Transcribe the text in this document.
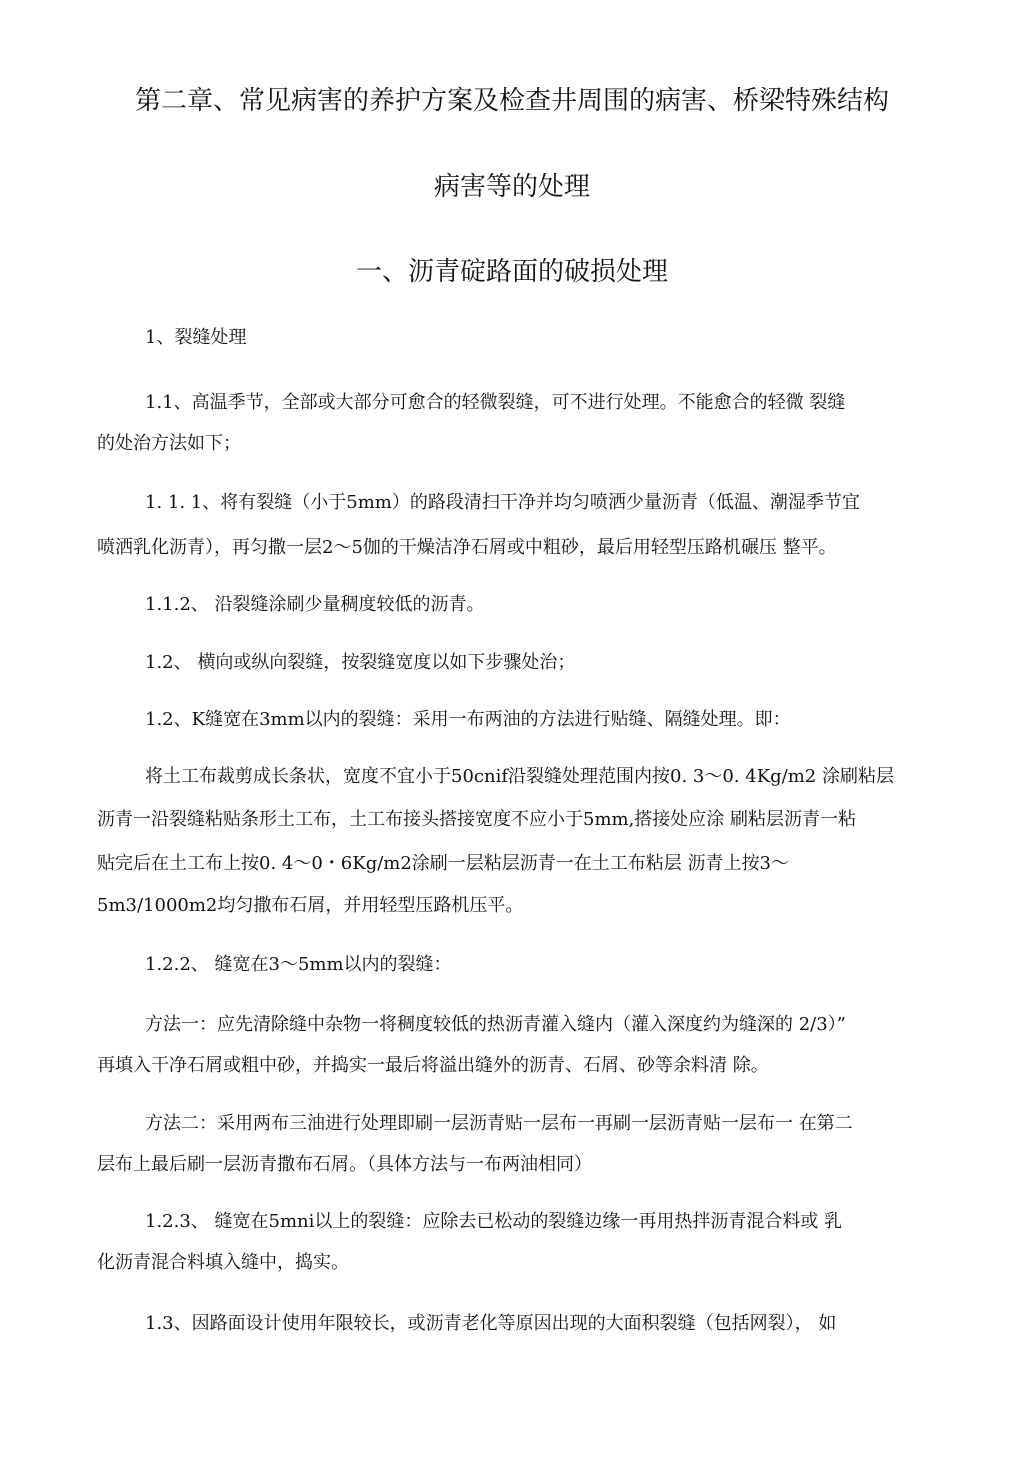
第二章、常见病害的养护方案及检查井周围的病害、桥梁特殊结构
病害等的处理
一、沥青碇路面的破损处理
1、裂缝处理
1.1、高温季节，全部或大部分可愈合的轻微裂缝，可不进行处理。不能愈合的轻微 裂缝
的处治方法如下；
1. 1. 1、将有裂缝（小于5mm）的路段清扫干净并均匀喷洒少量沥青（低温、潮湿季节宜
喷洒乳化沥青），再匀撒一层2～5伽的干燥洁净石屑或中粗砂，最后用轻型压路机碾压 整平。
1.1.2、 沿裂缝涂刷少量稠度较低的沥青。
1.2、 横向或纵向裂缝，按裂缝宽度以如下步骤处治；
1.2、K缝宽在3mm以内的裂缝：采用一布两油的方法进行贴缝、隔缝处理。即：
将土工布裁剪成长条状，宽度不宜小于50cnif沿裂缝处理范围内按0. 3～0. 4Kg/m2 涂刷粘层
沥青一沿裂缝粘贴条形土工布，土工布接头搭接宽度不应小于5mm,搭接处应涂 刷粘层沥青一粘
贴完后在土工布上按0. 4～0・6Kg/m2涂刷一层粘层沥青一在土工布粘层 沥青上按3～
5m3/1000m2均匀撒布石屑，并用轻型压路机压平。
1.2.2、 缝宽在3～5mm以内的裂缝：
方法一：应先清除缝中杂物一将稠度较低的热沥青灌入缝内（灌入深度约为缝深的 2/3）”
再填入干净石屑或粗中砂，并捣实一最后将溢出缝外的沥青、石屑、砂等余料清 除。
方法二：采用两布三油进行处理即刷一层沥青贴一层布一再刷一层沥青贴一层布一 在第二
层布上最后刷一层沥青撒布石屑。（具体方法与一布两油相同）
1.2.3、 缝宽在5mni以上的裂缝：应除去已松动的裂缝边缘一再用热拌沥青混合料或 乳
化沥青混合料填入缝中，捣实。
1.3、因路面设计使用年限较长，或沥青老化等原因出现的大面积裂缝（包括网裂）， 如
